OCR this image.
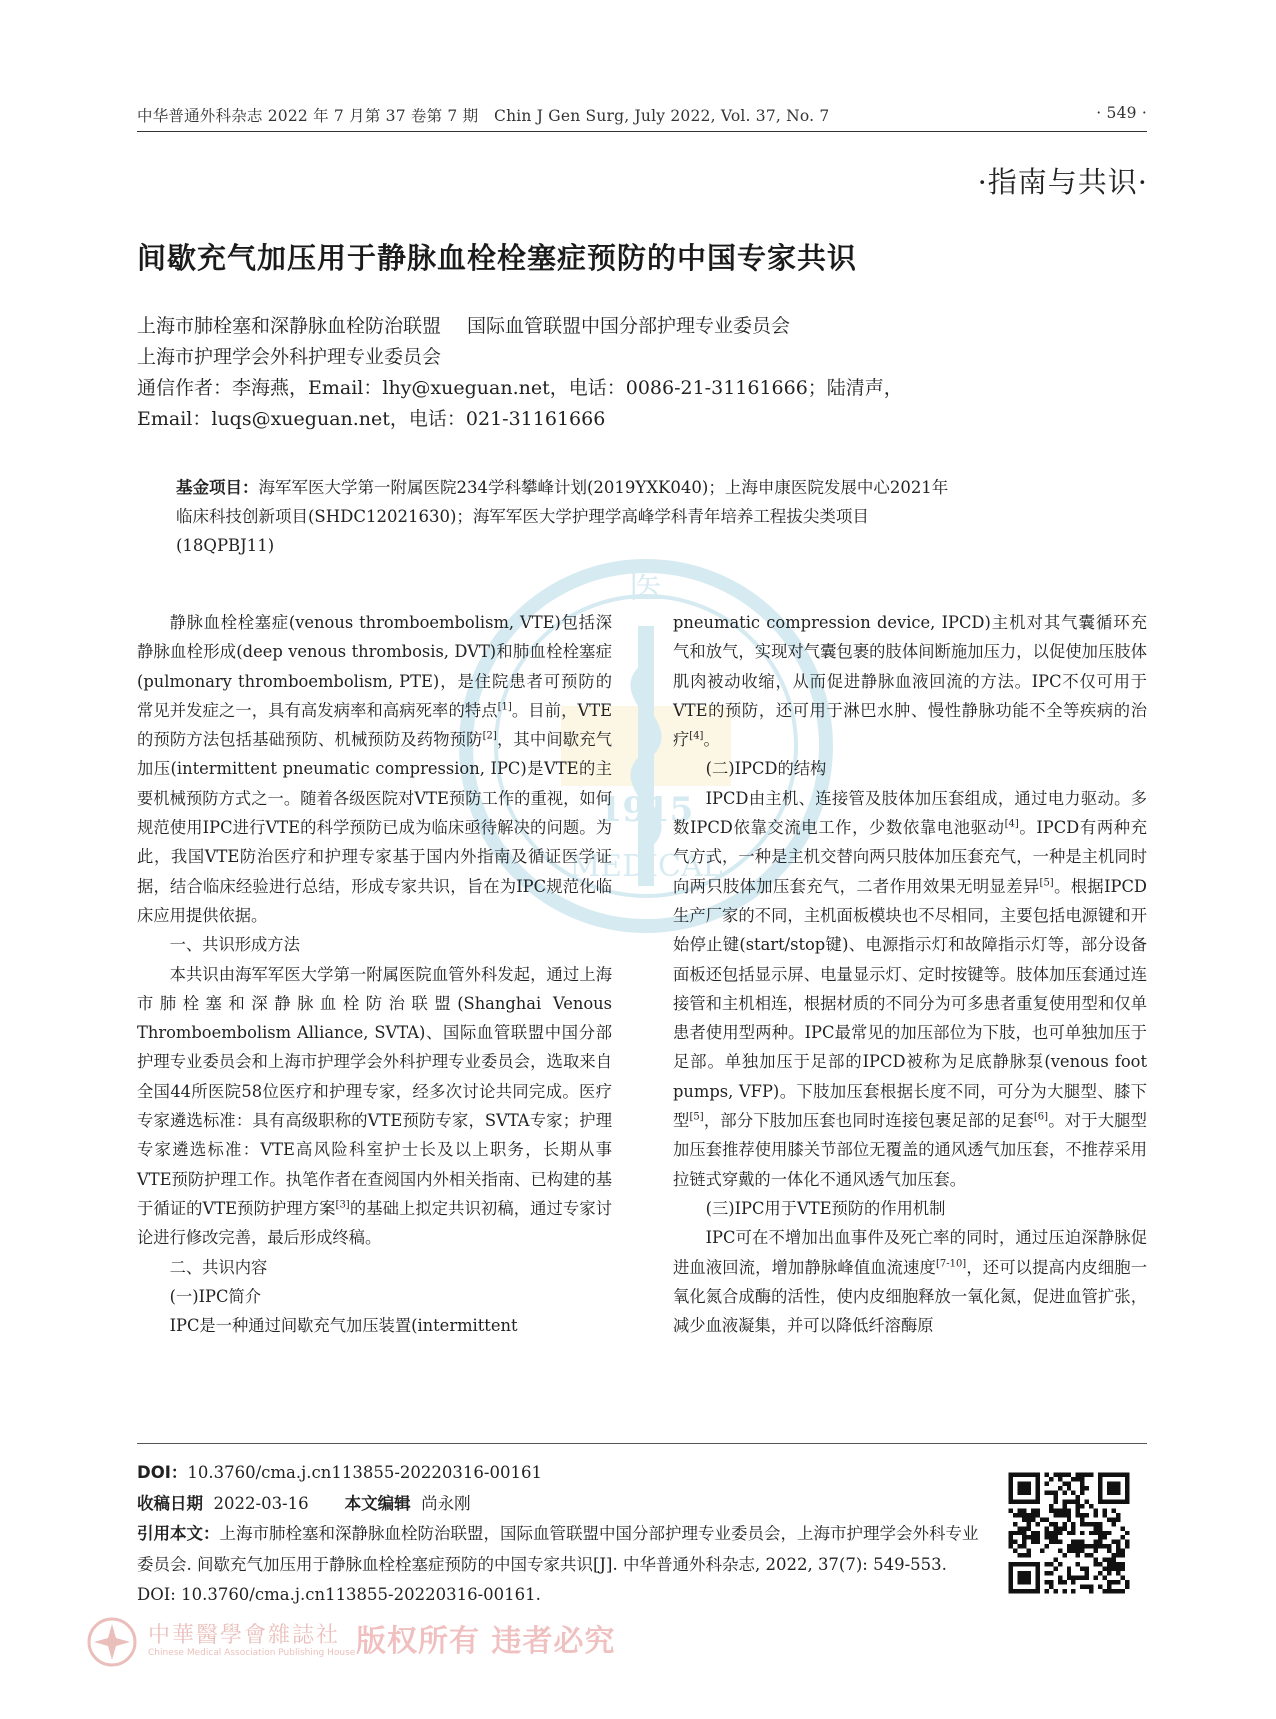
中华普通外科杂志 2022 年 7 月第 37 卷第 7 期　Chin J Gen Surg, July 2022, Vol. 37, No. 7	· 549 ·
·指南与共识·
间歇充气加压用于静脉血栓栓塞症预防的中国专家共识
上海市肺栓塞和深静脉血栓防治联盟 国际血管联盟中国分部护理专业委员会
上海市护理学会外科护理专业委员会
通信作者：李海燕，Email：lhy@xueguan.net，电话：0086-21-31161666；陆清声，
Email：luqs@xueguan.net，电话：021-31161666
基金项目：海军军医大学第一附属医院234学科攀峰计划(2019YXK040)；上海申康医院发展中心2021年临床科技创新项目(SHDC12021630)；海军军医大学护理学高峰学科青年培养工程拔尖类项目(18QPBJ11)
医
1915
MEDICAL

静脉血栓栓塞症(venous thromboembolism, VTE)包括深静脉血栓形成(deep venous thrombosis, DVT)和肺血栓栓塞症(pulmonary thromboembolism, PTE)，是住院患者可预防的常见并发症之一，具有高发病率和高病死率的特点[1]。目前，VTE的预防方法包括基础预防、机械预防及药物预防[2]，其中间歇充气加压(intermittent pneumatic compression, IPC)是VTE的主要机械预防方式之一。随着各级医院对VTE预防工作的重视，如何规范使用IPC进行VTE的科学预防已成为临床亟待解决的问题。为此，我国VTE防治医疗和护理专家基于国内外指南及循证医学证据，结合临床经验进行总结，形成专家共识，旨在为IPC规范化临床应用提供依据。

一、共识形成方法

本共识由海军军医大学第一附属医院血管外科发起，通过上海市肺栓塞和深静脉血栓防治联盟(Shanghai Venous Thromboembolism Alliance, SVTA)、国际血管联盟中国分部护理专业委员会和上海市护理学会外科护理专业委员会，选取来自全国44所医院58位医疗和护理专家，经多次讨论共同完成。医疗专家遴选标准：具有高级职称的VTE预防专家，SVTA专家；护理专家遴选标准：VTE高风险科室护士长及以上职务，长期从事VTE预防护理工作。执笔作者在查阅国内外相关指南、已构建的基于循证的VTE预防护理方案[3]的基础上拟定共识初稿，通过专家讨论进行修改完善，最后形成终稿。

二、共识内容

(一)IPC简介

IPC是一种通过间歇充气加压装置(intermittent

pneumatic compression device, IPCD)主机对其气囊循环充气和放气，实现对气囊包裹的肢体间断施加压力，以促使加压肢体肌肉被动收缩，从而促进静脉血液回流的方法。IPC不仅可用于VTE的预防，还可用于淋巴水肿、慢性静脉功能不全等疾病的治疗[4]。

(二)IPCD的结构

IPCD由主机、连接管及肢体加压套组成，通过电力驱动。多数IPCD依靠交流电工作，少数依靠电池驱动[4]。IPCD有两种充气方式，一种是主机交替向两只肢体加压套充气，一种是主机同时向两只肢体加压套充气，二者作用效果无明显差异[5]。根据IPCD生产厂家的不同，主机面板模块也不尽相同，主要包括电源键和开始停止键(start/stop键)、电源指示灯和故障指示灯等，部分设备面板还包括显示屏、电量显示灯、定时按键等。肢体加压套通过连接管和主机相连，根据材质的不同分为可多患者重复使用型和仅单患者使用型两种。IPC最常见的加压部位为下肢，也可单独加压于足部。单独加压于足部的IPCD被称为足底静脉泵(venous foot pumps, VFP)。下肢加压套根据长度不同，可分为大腿型、膝下型[5]，部分下肢加压套也同时连接包裹足部的足套[6]。对于大腿型加压套推荐使用膝关节部位无覆盖的通风透气加压套，不推荐采用拉链式穿戴的一体化不通风透气加压套。

(三)IPC用于VTE预防的作用机制

IPC可在不增加出血事件及死亡率的同时，通过压迫深静脉促进血液回流，增加静脉峰值血流速度[7-10]，还可以提高内皮细胞一氧化氮合成酶的活性，使内皮细胞释放一氧化氮，促进血管扩张，减少血液凝集，并可以降低纤溶酶原

DOI：10.3760/cma.j.cn113855-20220316-00161
收稿日期 2022-03-16 本文编辑 尚永刚
引用本文：上海市肺栓塞和深静脉血栓防治联盟，国际血管联盟中国分部护理专业委员会，上海市护理学会外科专业委员会. 间歇充气加压用于静脉血栓栓塞症预防的中国专家共识[J]. 中华普通外科杂志, 2022, 37(7): 549-553. DOI: 10.3760/cma.j.cn113855-20220316-00161.
中華醫學會雜誌社
Chinese Medical Association Publishing House 版权所有 违者必究
